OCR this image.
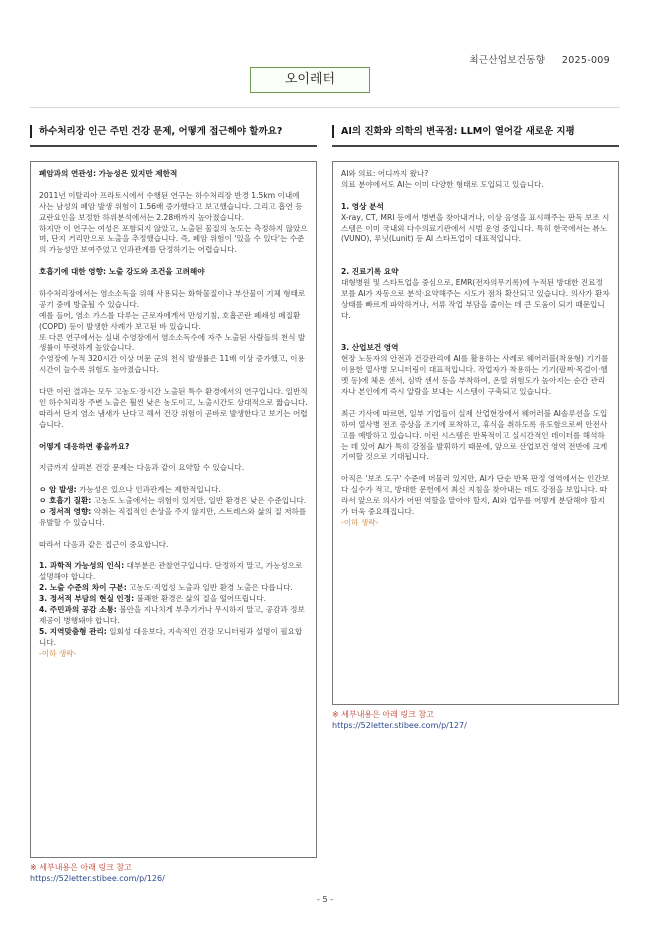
최근산업보건동향 2025-009
오이레터
하수처리장 인근 주민 건강 문제, 어떻게 접근해야 할까요?
폐암과의 연관성: 가능성은 있지만 제한적
2011년 이탈리아 프라토시에서 수행된 연구는 하수처리장 반경 1.5km 이내에 사는 남성의 폐암 발생 위험이 1.56배 증가했다고 보고했습니다. 그리고 흡연 등 교란요인을 보정한 하위분석에서는 2.28배까지 높아졌습니다.
하지만 이 연구는 여성은 포함되지 않았고, 노출된 물질의 농도는 측정하지 않았으며, 단지 거리만으로 노출을 추정했습니다. 즉, 폐암 위험이 '있을 수 있다'는 수준의 가능성만 보여주었고 인과관계를 단정하기는 어렵습니다.
호흡기에 대한 영향: 노출 강도와 조건을 고려해야
하수처리장에서는 염소소독을 위해 사용되는 화학물질이나 부산물이 기체 형태로 공기 중에 방출될 수 있습니다.
예를 들어, 염소 가스를 다루는 근로자에게서 만성기침, 호흡곤란 폐쇄성 폐질환(COPD) 등이 발생한 사례가 보고된 바 있습니다.
또 다른 연구에서는 실내 수영장에서 염소소독수에 자주 노출된 사람들의 천식 발생률이 뚜렷하게 높았습니다.
수영장에 누적 320시간 이상 머문 군의 천식 발생률은 11배 이상 증가했고, 이용 시간이 늘수록 위험도 높아졌습니다.
다만 이런 결과는 모두 고농도·장시간 노출된 특수 환경에서의 연구입니다. 일반적인 하수처리장 주변 노출은 훨씬 낮은 농도이고, 노출시간도 상대적으로 짧습니다. 따라서 단지 염소 냄새가 난다고 해서 건강 위험이 곧바로 발생한다고 보기는 어렵습니다.
어떻게 대응하면 좋을까요?
지금까지 살펴본 건강 문제는 다음과 같이 요약할 수 있습니다.
ㅇ 암 발생: 가능성은 있으나 인과관계는 제한적입니다.
ㅇ 호흡기 질환: 고농도 노출에서는 위험이 있지만, 일반 환경은 낮은 수준입니다.
ㅇ 정서적 영향: 악취는 직접적인 손상을 주지 않지만, 스트레스와 삶의 질 저하를 유발할 수 있습니다.
따라서 다음과 같은 접근이 중요합니다.
1. 과학적 가능성의 인식: 대부분은 관찰연구입니다. 단정하지 말고, 가능성으로 설명해야 합니다.
2. 노출 수준의 차이 구분: 고농도·직업성 노출과 일반 환경 노출은 다릅니다.
3. 정서적 부담의 현실 인정: 불쾌한 환경은 삶의 질을 떨어뜨립니다.
4. 주민과의 공감 소통: 불안을 지나치게 부추기거나 무시하지 말고, 공감과 정보제공이 병행돼야 합니다.
5. 지역맞춤형 관리: 일회성 대응보다, 지속적인 건강 모니터링과 설명이 필요합니다.
-이하 생략-
※ 세부내용은 아래 링크 참고
https://52letter.stibee.com/p/126/
AI의 진화와 의학의 변곡점: LLM이 열어갈 새로운 지평
AI와 의료: 어디까지 왔나?
의료 분야에서도 AI는 이미 다양한 형태로 도입되고 있습니다.
1. 영상 분석
X-ray, CT, MRI 등에서 병변을 찾아내거나, 이상 음영을 표시해주는 판독 보조 시스템은 이미 국내외 다수의료기관에서 시범 운영 중입니다. 특히 한국에서는 뷰노(VUNO), 루닛(Lunit) 등 AI 스타트업이 대표적입니다.
2. 진료기록 요약
대형병원 및 스타트업을 중심으로, EMR(전자의무기록)에 누적된 방대한 진료정보를 AI가 자동으로 분석·요약해주는 시도가 점차 확산되고 있습니다. 의사가 환자 상태를 빠르게 파악하거나, 서류 작업 부담을 줄이는 데 큰 도움이 되기 때문입니다.
3. 산업보건 영역
현장 노동자의 안전과 건강관리에 AI를 활용하는 사례로 웨어러블(착용형) 기기를 이용한 열사병 모니터링이 대표적입니다. 작업자가 착용하는 기기(팔찌·목걸이·헬멧 등)에 체온 센서, 심박 센서 등을 부착하여, 온열 위험도가 높아지는 순간 관리자나 본인에게 즉시 알람을 보내는 시스템이 구축되고 있습니다.
최근 기사에 따르면, 일부 기업들이 실제 산업현장에서 웨어러블 AI솔루션을 도입하여 열사병 전조 증상을 조기에 포착하고, 휴식을 취하도록 유도함으로써 안전사고를 예방하고 있습니다. 이런 시스템은 반복적이고 실시간적인 데이터를 해석하는 데 있어 AI가 특히 강점을 발휘하기 때문에, 앞으로 산업보건 영역 전반에 크게 기여할 것으로 기대됩니다.
아직은 '보조 도구' 수준에 머물러 있지만, AI가 단순 반복 판정 영역에서는 인간보다 실수가 적고, 방대한 문헌에서 최신 지침을 찾아내는 데도 강점을 보입니다. 따라서 앞으로 의사가 어떤 역할을 맡아야 할지, AI와 업무를 어떻게 분담해야 할지가 더욱 중요해집니다.
-이하 생략-
※ 세부내용은 아래 링크 참고
https://52letter.stibee.com/p/127/
- 5 -
